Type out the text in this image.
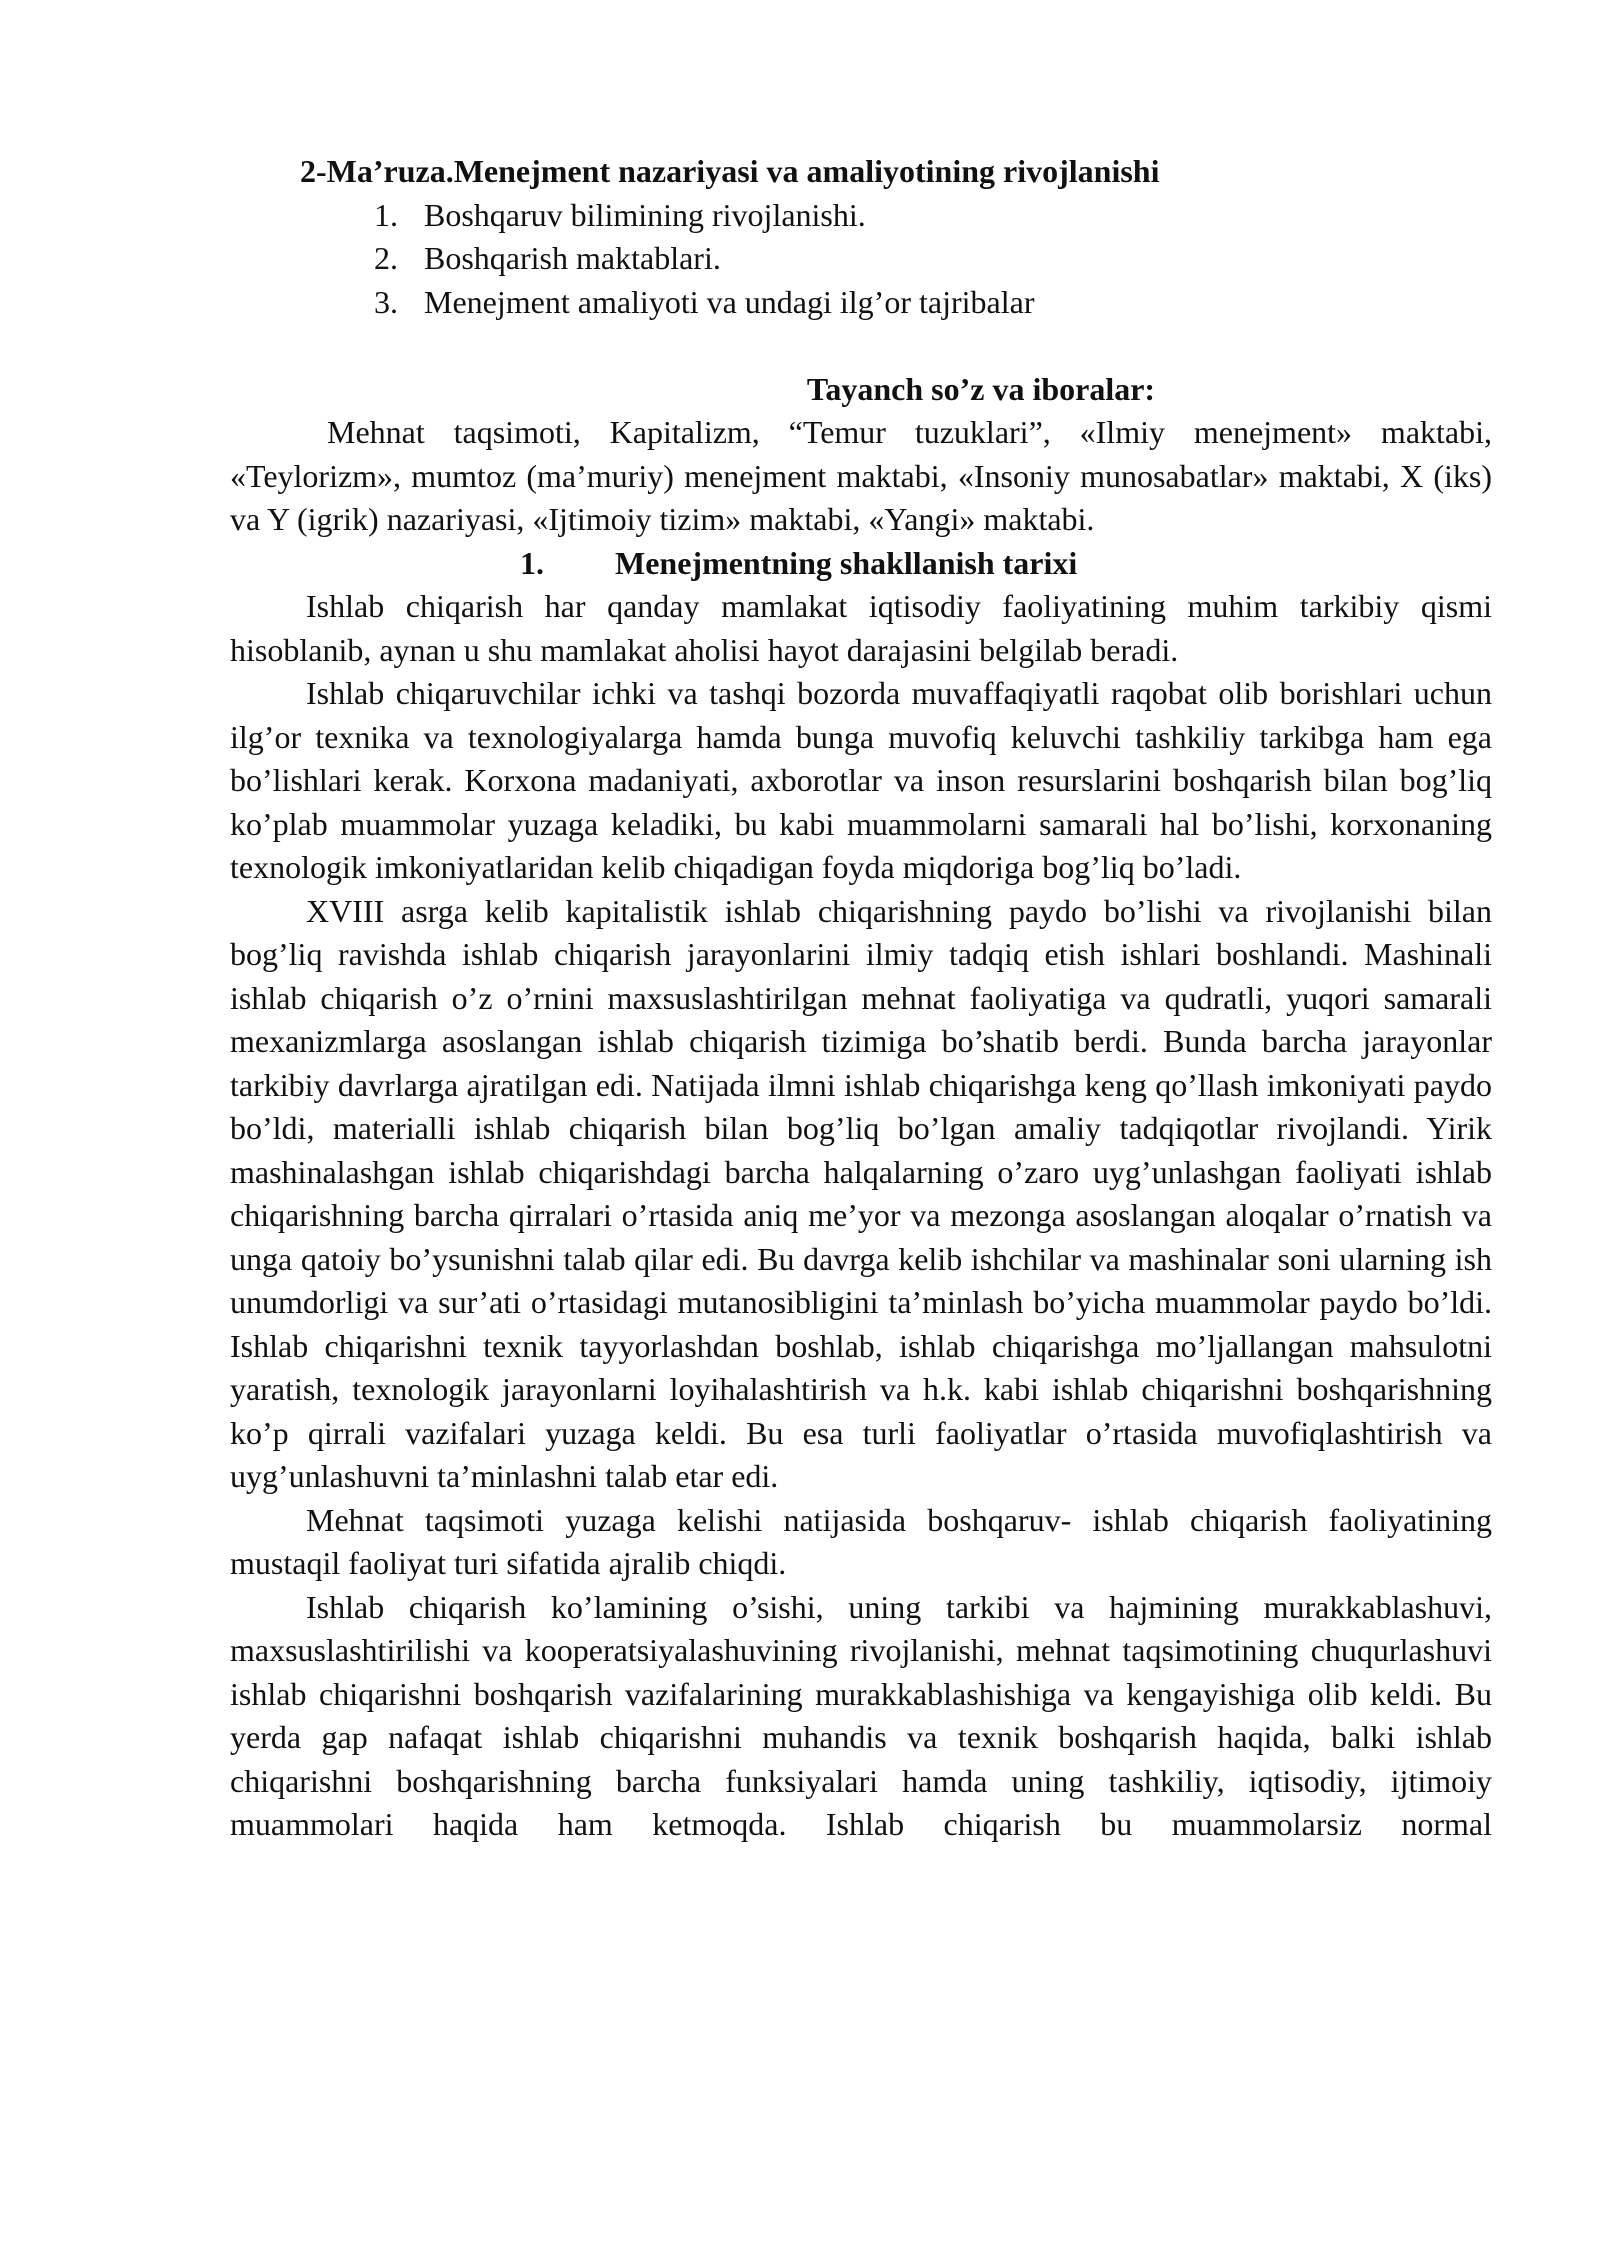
2-Ma’ruza.Menejment nazariyasi va amaliyotining rivojlanishi

1. Boshqaruv bilimining rivojlanishi.
2. Boshqarish maktablari.
3. Menejment amaliyoti va undagi ilg’or tajribalar

Tayanch so’z va iboralar:

Mehnat taqsimoti, Kapitalizm, “Temur tuzuklari”, «Ilmiy menejment» maktabi, «Teylorizm», mumtoz (ma’muriy) menejment maktabi, «Insoniy munosabatlar» maktabi, X (iks) va Y (igrik) nazariyasi, «Ijtimoiy tizim» maktabi, «Yangi» maktabi.

1. Menejmentning shakllanish tarixi

Ishlab chiqarish har qanday mamlakat iqtisodiy faoliyatining muhim tarkibiy qismi hisoblanib, aynan u shu mamlakat aholisi hayot darajasini belgilab beradi.

Ishlab chiqaruvchilar ichki va tashqi bozorda muvaffaqiyatli raqobat olib borishlari uchun ilg’or texnika va texnologiyalarga hamda bunga muvofiq keluvchi tashkiliy tarkibga ham ega bo’lishlari kerak. Korxona madaniyati, axborotlar va inson resurslarini boshqarish bilan bog’liq ko’plab muammolar yuzaga keladiki, bu kabi muammolarni samarali hal bo’lishi, korxonaning texnologik imkoniyatlaridan kelib chiqadigan foyda miqdoriga bog’liq bo’ladi.

XVIII asrga kelib kapitalistik ishlab chiqarishning paydo bo’lishi va rivojlanishi bilan bog’liq ravishda ishlab chiqarish jarayonlarini ilmiy tadqiq etish ishlari boshlandi. Mashinali ishlab chiqarish o’z o’rnini maxsuslashtirilgan mehnat faoliyatiga va qudratli, yuqori samarali mexanizmlarga asoslangan ishlab chiqarish tizimiga bo’shatib berdi. Bunda barcha jarayonlar tarkibiy davrlarga ajratilgan edi. Natijada ilmni ishlab chiqarishga keng qo’llash imkoniyati paydo bo’ldi, materialli ishlab chiqarish bilan bog’liq bo’lgan amaliy tadqiqotlar rivojlandi. Yirik mashinalashgan ishlab chiqarishdagi barcha halqalarning o’zaro uyg’unlashgan faoliyati ishlab chiqarishning barcha qirralari o’rtasida aniq me’yor va mezonga asoslangan aloqalar o’rnatish va unga qatoiy bo’ysunishni talab qilar edi. Bu davrga kelib ishchilar va mashinalar soni ularning ish unumdorligi va sur’ati o’rtasidagi mutanosibligini ta’minlash bo’yicha muammolar paydo bo’ldi. Ishlab chiqarishni texnik tayyorlashdan boshlab, ishlab chiqarishga mo’ljallangan mahsulotni yaratish, texnologik jarayonlarni loyihalashtirish va h.k. kabi ishlab chiqarishni boshqarishning ko’p qirrali vazifalari yuzaga keldi. Bu esa turli faoliyatlar o’rtasida muvofiqlashtirish va uyg’unlashuvni ta’minlashni talab etar edi.

Mehnat taqsimoti yuzaga kelishi natijasida boshqaruv- ishlab chiqarish faoliyatining mustaqil faoliyat turi sifatida ajralib chiqdi.

Ishlab chiqarish ko’lamining o’sishi, uning tarkibi va hajmining murakkablashuvi, maxsuslashtirilishi va kooperatsiyalashuvining rivojlanishi, mehnat taqsimotining chuqurlashuvi ishlab chiqarishni boshqarish vazifalarining murakkablashishiga va kengayishiga olib keldi. Bu yerda gap nafaqat ishlab chiqarishni muhandis va texnik boshqarish haqida, balki ishlab chiqarishni boshqarishning barcha funksiyalari hamda uning tashkiliy, iqtisodiy, ijtimoiy muammolari haqida ham ketmoqda. Ishlab chiqarish bu muammolarsiz normal
